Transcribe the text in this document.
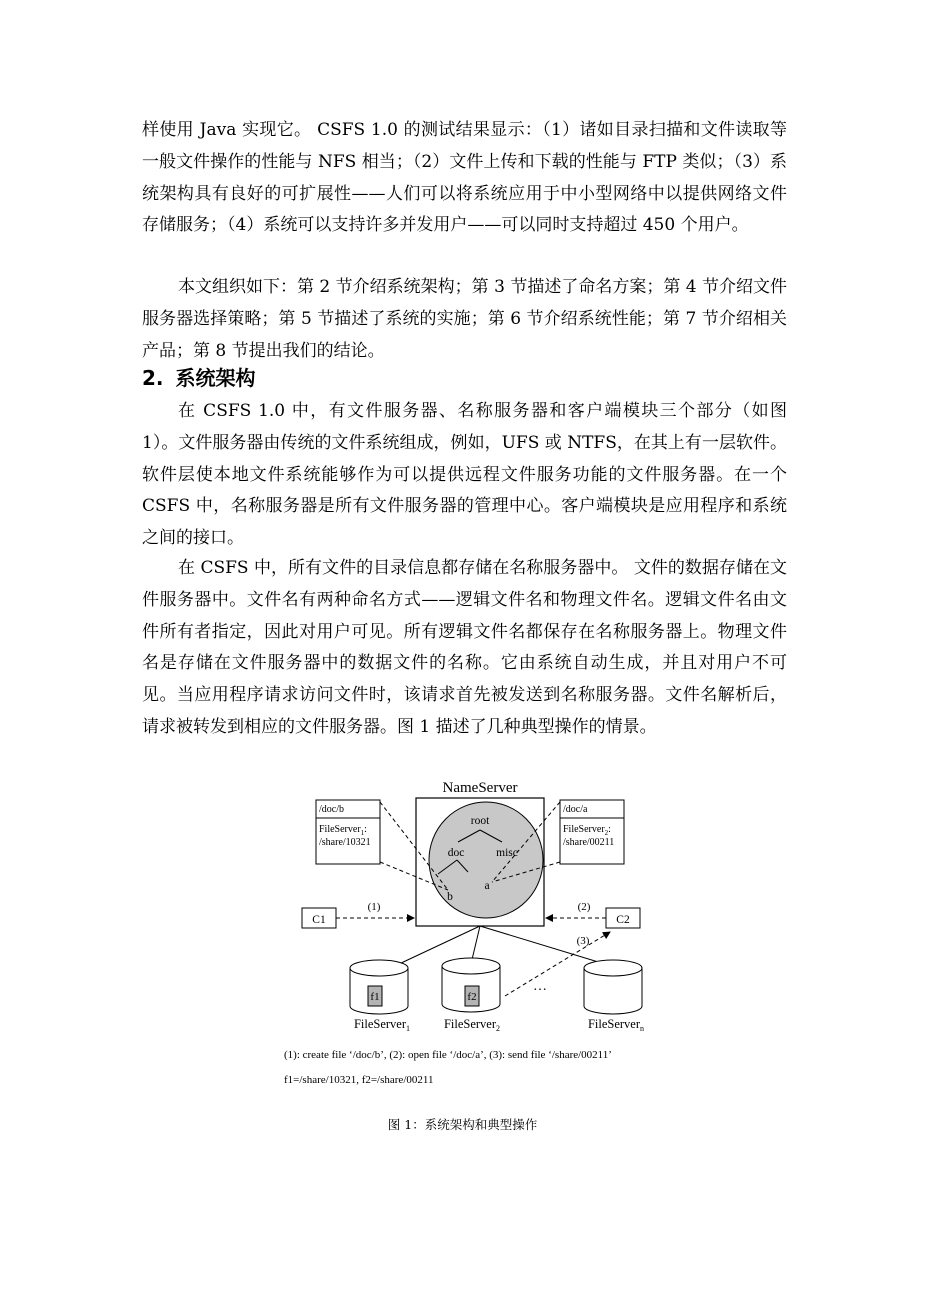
样使用 Java 实现它。 CSFS 1.0 的测试结果显示：（1）诸如目录扫描和文件读取等一般文件操作的性能与 NFS 相当；（2）文件上传和下载的性能与 FTP 类似；（3）系统架构具有良好的可扩展性——人们可以将系统应用于中小型网络中以提供网络文件存储服务；（4）系统可以支持许多并发用户——可以同时支持超过 450 个用户。

本文组织如下：第 2 节介绍系统架构；第 3 节描述了命名方案；第 4 节介绍文件服务器选择策略；第 5 节描述了系统的实施；第 6 节介绍系统性能；第 7 节介绍相关产品；第 8 节提出我们的结论。

2. 系统架构

在 CSFS 1.0 中，有文件服务器、名称服务器和客户端模块三个部分（如图 1）。文件服务器由传统的文件系统组成，例如，UFS 或 NTFS，在其上有一层软件。软件层使本地文件系统能够作为可以提供远程文件服务功能的文件服务器。在一个 CSFS 中，名称服务器是所有文件服务器的管理中心。客户端模块是应用程序和系统之间的接口。

在 CSFS 中，所有文件的目录信息都存储在名称服务器中。 文件的数据存储在文件服务器中。文件名有两种命名方式——逻辑文件名和物理文件名。逻辑文件名由文件所有者指定，因此对用户可见。所有逻辑文件名都保存在名称服务器上。物理文件名是存储在文件服务器中的数据文件的名称。它由系统自动生成，并且对用户不可见。当应用程序请求访问文件时，该请求首先被发送到名称服务器。文件名解析后，请求被转发到相应的文件服务器。图 1 描述了几种典型操作的情景。

NameServer
root
doc	misc
b
a
/doc/b
FileServer$_1$:
/share/10321
/doc/a
FileServer$_2$:
/share/00211
C1	C2
(1)	(2)
(3)
f1
FileServer$_1$
f2
FileServer$_2$
…
FileServer$_n$
(1): create file ‘/doc/b’, (2): open file ‘/doc/a’, (3): send file ‘/share/00211’
f1=/share/10321, f2=/share/00211
图 1：系统架构和典型操作
